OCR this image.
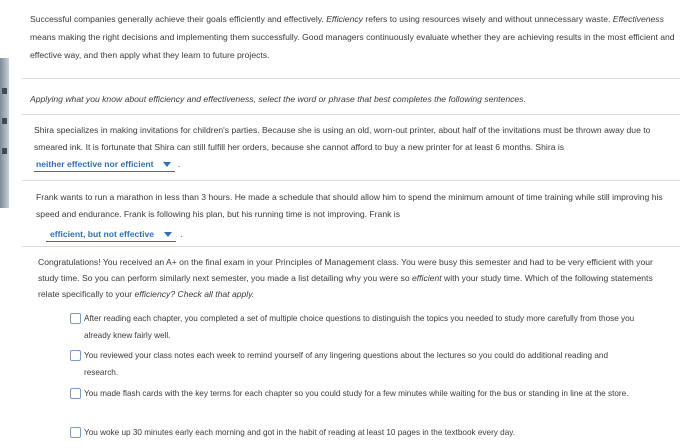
Successful companies generally achieve their goals efficiently and effectively. Efficiency refers to using resources wisely and without unnecessary waste. Effectiveness means making the right decisions and implementing them successfully. Good managers continuously evaluate whether they are achieving results in the most efficient and effective way, and then apply what they learn to future projects.

Applying what you know about efficiency and effectiveness, select the word or phrase that best completes the following sentences.

Shira specializes in making invitations for children's parties. Because she is using an old, worn-out printer, about half of the invitations must be thrown away due to smeared ink. It is fortunate that Shira can still fulfill her orders, because she cannot afford to buy a new printer for at least 6 months. Shira is neither effective nor efficient	.

Frank wants to run a marathon in less than 3 hours. He made a schedule that should allow him to spend the minimum amount of time training while still improving his speed and endurance. Frank is following his plan, but his running time is not improving. Frank is

efficient, but not effective	.

Congratulations! You received an A+ on the final exam in your Principles of Management class. You were busy this semester and had to be very efficient with your study time. So you can perform similarly next semester, you made a list detailing why you were so efficient with your study time. Which of the following statements relate specifically to your efficiency? Check all that apply.

After reading each chapter, you completed a set of multiple choice questions to distinguish the topics you needed to study more carefully from those you already knew fairly well.
You reviewed your class notes each week to remind yourself of any lingering questions about the lectures so you could do additional reading and research.
You made flash cards with the key terms for each chapter so you could study for a few minutes while waiting for the bus or standing in line at the store.
You woke up 30 minutes early each morning and got in the habit of reading at least 10 pages in the textbook every day.
